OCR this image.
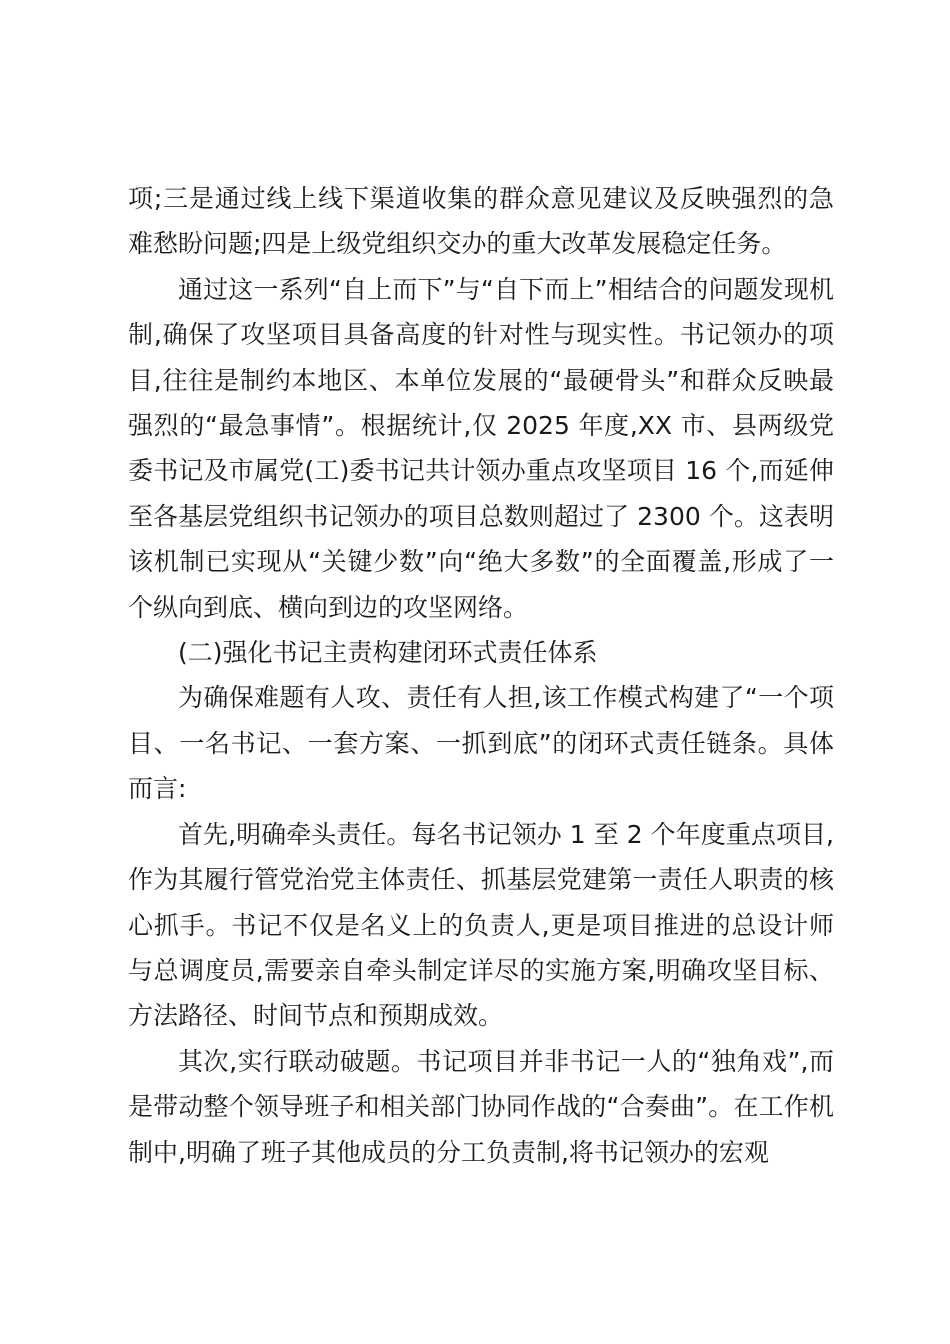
项;三是通过线上线下渠道收集的群众意见建议及反映强烈的急难愁盼问题;四是上级党组织交办的重大改革发展稳定任务。

通过这一系列“自上而下”与“自下而上”相结合的问题发现机制,确保了攻坚项目具备高度的针对性与现实性。书记领办的项目,往往是制约本地区、本单位发展的“最硬骨头”和群众反映最强烈的“最急事情”。根据统计,仅 2025 年度,XX 市、县两级党委书记及市属党(工)委书记共计领办重点攻坚项目 16 个,而延伸至各基层党组织书记领办的项目总数则超过了 2300 个。这表明该机制已实现从“关键少数”向“绝大多数”的全面覆盖,形成了一个纵向到底、横向到边的攻坚网络。

(二)强化书记主责构建闭环式责任体系

为确保难题有人攻、责任有人担,该工作模式构建了“一个项目、一名书记、一套方案、一抓到底”的闭环式责任链条。具体而言:

首先,明确牵头责任。每名书记领办 1 至 2 个年度重点项目,作为其履行管党治党主体责任、抓基层党建第一责任人职责的核心抓手。书记不仅是名义上的负责人,更是项目推进的总设计师与总调度员,需要亲自牵头制定详尽的实施方案,明确攻坚目标、方法路径、时间节点和预期成效。

其次,实行联动破题。书记项目并非书记一人的“独角戏”,而是带动整个领导班子和相关部门协同作战的“合奏曲”。在工作机制中,明确了班子其他成员的分工负责制,将书记领办的宏观
